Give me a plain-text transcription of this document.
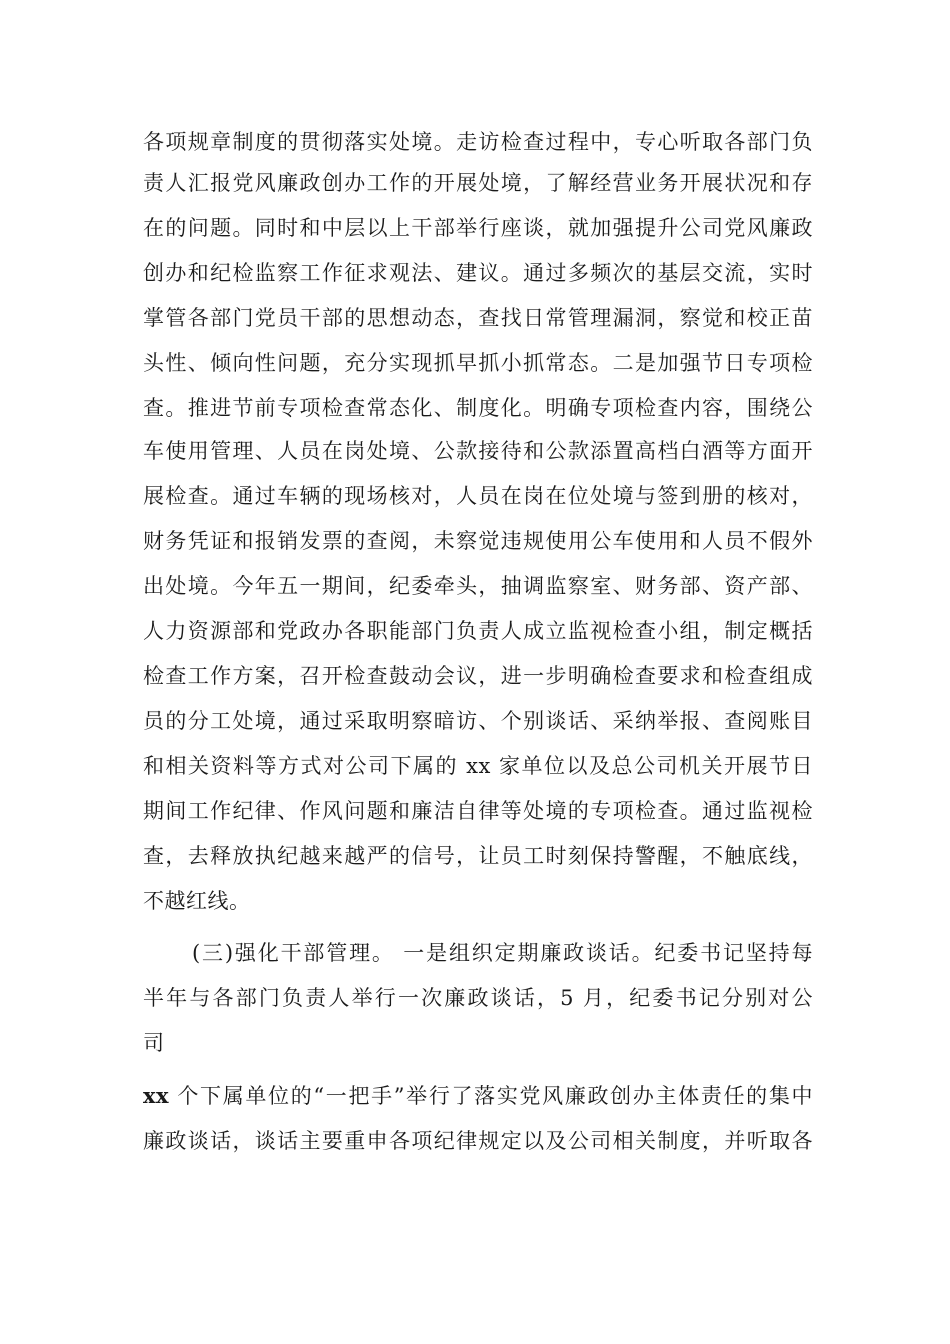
各项规章制度的贯彻落实处境。走访检查过程中，专心听取各部门负
责人汇报党风廉政创办工作的开展处境，了解经营业务开展状况和存
在的问题。同时和中层以上干部举行座谈，就加强提升公司党风廉政
创办和纪检监察工作征求观法、建议。通过多频次的基层交流，实时
掌管各部门党员干部的思想动态，查找日常管理漏洞，察觉和校正苗
头性、倾向性问题，充分实现抓早抓小抓常态。二是加强节日专项检
查。推进节前专项检查常态化、制度化。明确专项检查内容，围绕公
车使用管理、人员在岗处境、公款接待和公款添置高档白酒等方面开
展检查。通过车辆的现场核对，人员在岗在位处境与签到册的核对，
财务凭证和报销发票的查阅，未察觉违规使用公车使用和人员不假外
出处境。今年五一期间，纪委牵头，抽调监察室、财务部、资产部、
人力资源部和党政办各职能部门负责人成立监视检查小组，制定概括
检查工作方案，召开检查鼓动会议，进一步明确检查要求和检查组成
员的分工处境，通过采取明察暗访、个别谈话、采纳举报、查阅账目
和相关资料等方式对公司下属的 xx 家单位以及总公司机关开展节日
期间工作纪律、作风问题和廉洁自律等处境的专项检查。通过监视检
查，去释放执纪越来越严的信号，让员工时刻保持警醒，不触底线，
不越红线。
(三)强化干部管理。 一是组织定期廉政谈话。纪委书记坚持每
半年与各部门负责人举行一次廉政谈话，5 月，纪委书记分别对公
司
xx 个下属单位的“一把手”举行了落实党风廉政创办主体责任的集中
廉政谈话，谈话主要重申各项纪律规定以及公司相关制度，并听取各
